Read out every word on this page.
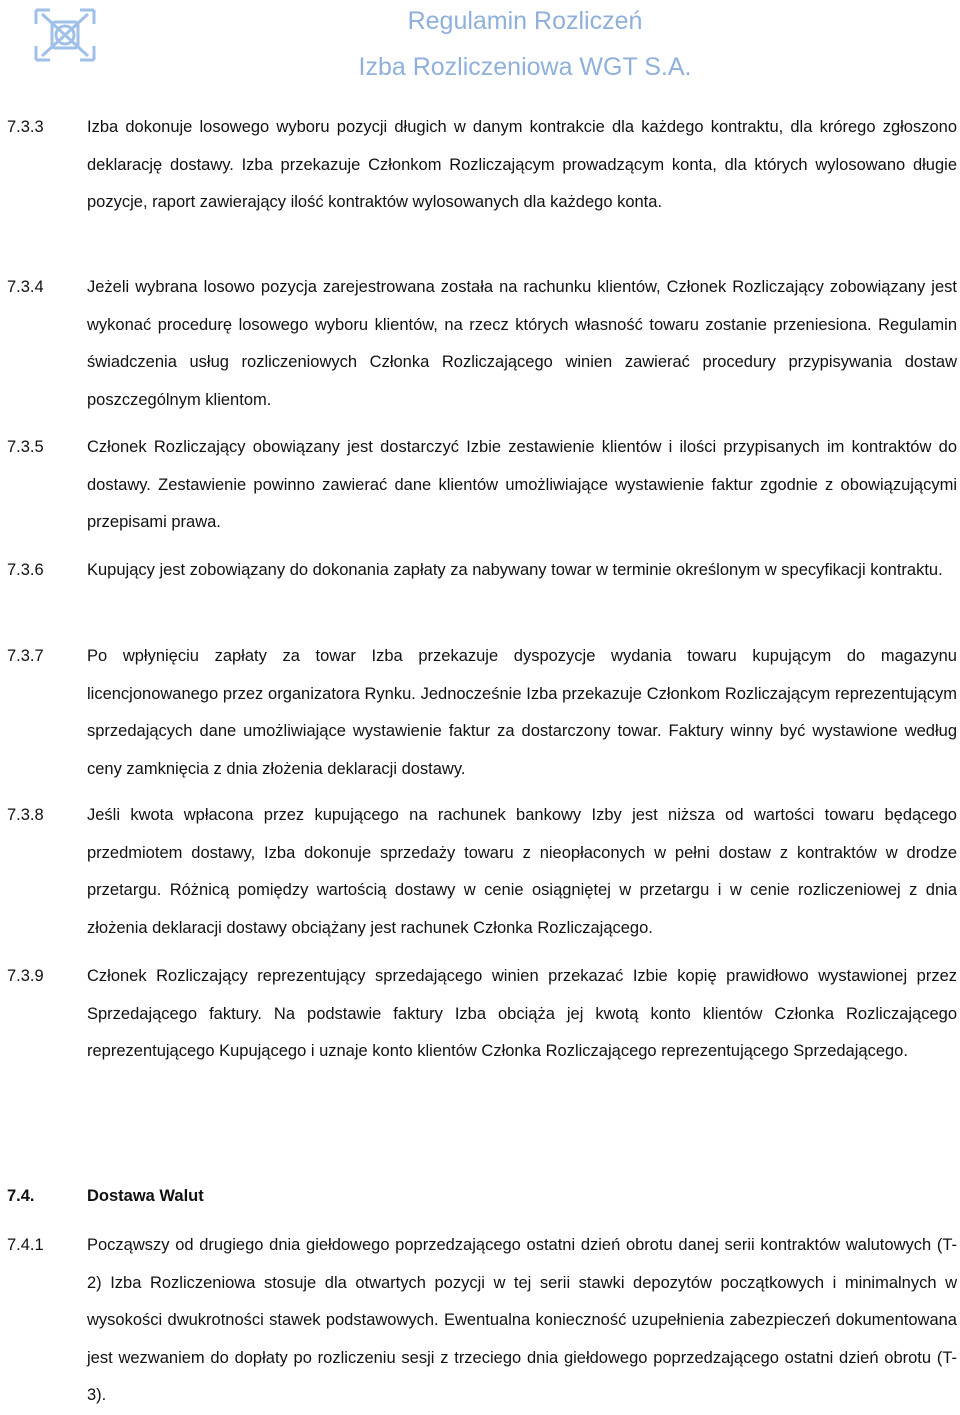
Regulamin Rozliczeń
Izba Rozliczeniowa WGT S.A.
7.3.3	Izba dokonuje losowego wyboru pozycji długich w danym kontrakcie dla każdego kontraktu, dla krórego zgłoszono deklarację dostawy. Izba przekazuje Członkom Rozliczającym prowadzącym konta, dla których wylosowano długie pozycje, raport zawierający ilość kontraktów wylosowanych dla każdego konta.
7.3.4	Jeżeli wybrana losowo pozycja zarejestrowana została na rachunku klientów, Członek Rozliczający zobowiązany jest wykonać procedurę losowego wyboru klientów, na rzecz których własność towaru zostanie przeniesiona. Regulamin świadczenia usług rozliczeniowych Członka Rozliczającego winien zawierać procedury przypisywania dostaw poszczególnym klientom.
7.3.5	Członek Rozliczający obowiązany jest dostarczyć Izbie zestawienie klientów i ilości przypisanych im kontraktów do dostawy. Zestawienie powinno zawierać dane klientów umożliwiające wystawienie faktur zgodnie z obowiązującymi przepisami prawa.
7.3.6	Kupujący jest zobowiązany do dokonania zapłaty za nabywany towar w terminie określonym w specyfikacji kontraktu.
7.3.7	Po wpłynięciu zapłaty za towar Izba przekazuje dyspozycje wydania towaru kupującym do magazynu licencjonowanego przez organizatora Rynku. Jednocześnie Izba przekazuje Członkom Rozliczającym reprezentującym sprzedających dane umożliwiające wystawienie faktur za dostarczony towar. Faktury winny być wystawione według ceny zamknięcia z dnia złożenia deklaracji dostawy.
7.3.8	Jeśli kwota wpłacona przez kupującego na rachunek bankowy Izby jest niższa od wartości towaru będącego przedmiotem dostawy, Izba dokonuje sprzedaży towaru z nieopłaconych w pełni dostaw z kontraktów w drodze przetargu. Różnicą pomiędzy wartością dostawy w cenie osiągniętej w przetargu i w cenie rozliczeniowej z dnia złożenia deklaracji dostawy obciążany jest rachunek Członka Rozliczającego.
7.3.9	Członek Rozliczający reprezentujący sprzedającego winien przekazać Izbie kopię prawidłowo wystawionej przez Sprzedającego faktury. Na podstawie faktury Izba obciąża jej kwotą konto klientów Członka Rozliczającego reprezentującego Kupującego i uznaje konto klientów Członka Rozliczającego reprezentującego Sprzedającego.
7.4.	Dostawa Walut
7.4.1	Począwszy od drugiego dnia giełdowego poprzedzającego ostatni dzień obrotu danej serii kontraktów walutowych (T-2) Izba Rozliczeniowa stosuje dla otwartych pozycji w tej serii stawki depozytów początkowych i minimalnych w wysokości dwukrotności stawek podstawowych. Ewentualna konieczność uzupełnienia zabezpieczeń dokumentowana jest wezwaniem do dopłaty po rozliczeniu sesji z trzeciego dnia giełdowego poprzedzającego ostatni dzień obrotu (T-3).
